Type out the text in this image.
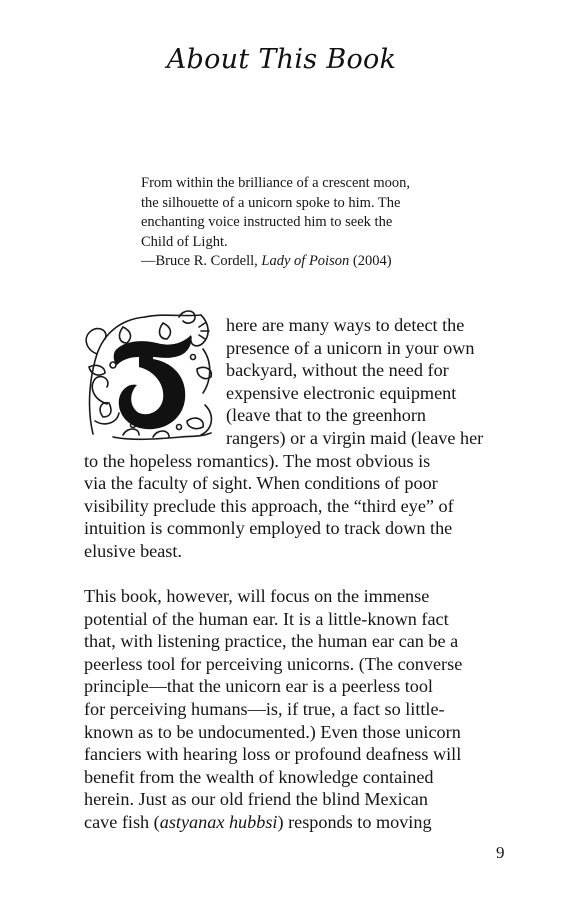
About This Book
From within the brilliance of a crescent moon,
the silhouette of a unicorn spoke to him. The
enchanting voice instructed him to seek the
Child of Light.
—Bruce R. Cordell, Lady of Poison (2004)
here are many ways to detect the
presence of a unicorn in your own
backyard, without the need for
expensive electronic equipment
(leave that to the greenhorn
rangers) or a virgin maid (leave her
to the hopeless romantics). The most obvious is
via the faculty of sight. When conditions of poor
visibility preclude this approach, the “third eye” of
intuition is commonly employed to track down the
elusive beast.
This book, however, will focus on the immense
potential of the human ear. It is a little-known fact
that, with listening practice, the human ear can be a
peerless tool for perceiving unicorns. (The converse
principle—that the unicorn ear is a peerless tool
for perceiving humans—is, if true, a fact so little-
known as to be undocumented.) Even those unicorn
fanciers with hearing loss or profound deafness will
benefit from the wealth of knowledge contained
herein. Just as our old friend the blind Mexican
cave fish (astyanax hubbsi) responds to moving
9
